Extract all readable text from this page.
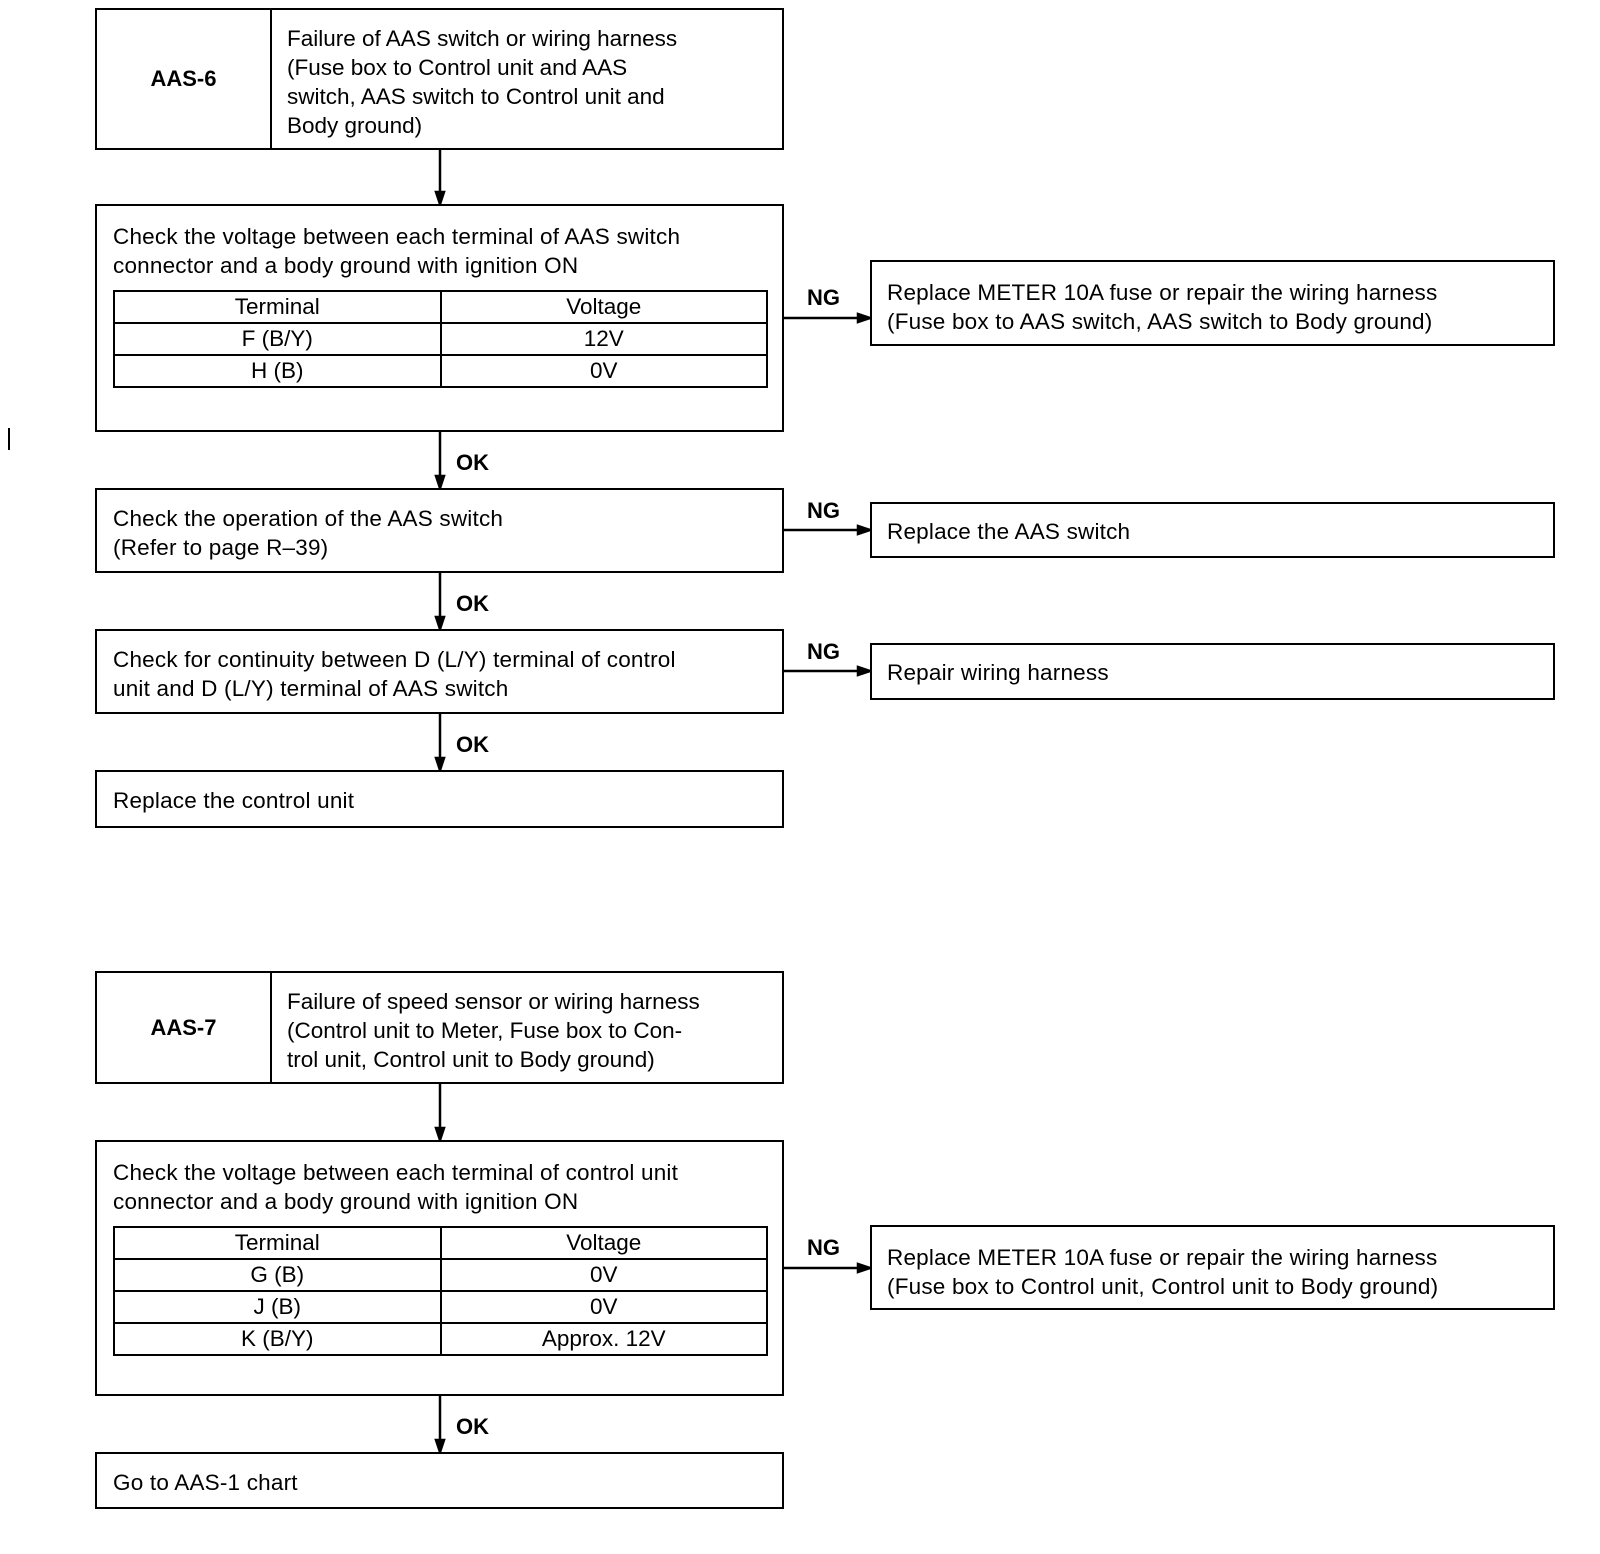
AAS-6
Failure of AAS switch or wiring harness
(Fuse box to Control unit and AAS
switch, AAS switch to Control unit and
Body ground)
Check the voltage between each terminal of AAS switch
connector and a body ground with ignition ON
Terminal	Voltage
F (B/Y)	12V
H (B)	0V
NG Replace METER 10A fuse or repair the wiring harness
(Fuse box to AAS switch, AAS switch to Body ground)
OK
Check the operation of the AAS switch
(Refer to page R–39)
NG
Replace the AAS switch
OK
Check for continuity between D (L/Y) terminal of control
unit and D (L/Y) terminal of AAS switch
NG
Repair wiring harness
OK
Replace the control unit
AAS-7
Failure of speed sensor or wiring harness
(Control unit to Meter, Fuse box to Con-
trol unit, Control unit to Body ground)
Check the voltage between each terminal of control unit
connector and a body ground with ignition ON
Terminal	Voltage
G (B)	0V
J (B)	0V
K (B/Y)	Approx. 12V
NG Replace METER 10A fuse or repair the wiring harness
(Fuse box to Control unit, Control unit to Body ground)
OK
Go to AAS-1 chart
